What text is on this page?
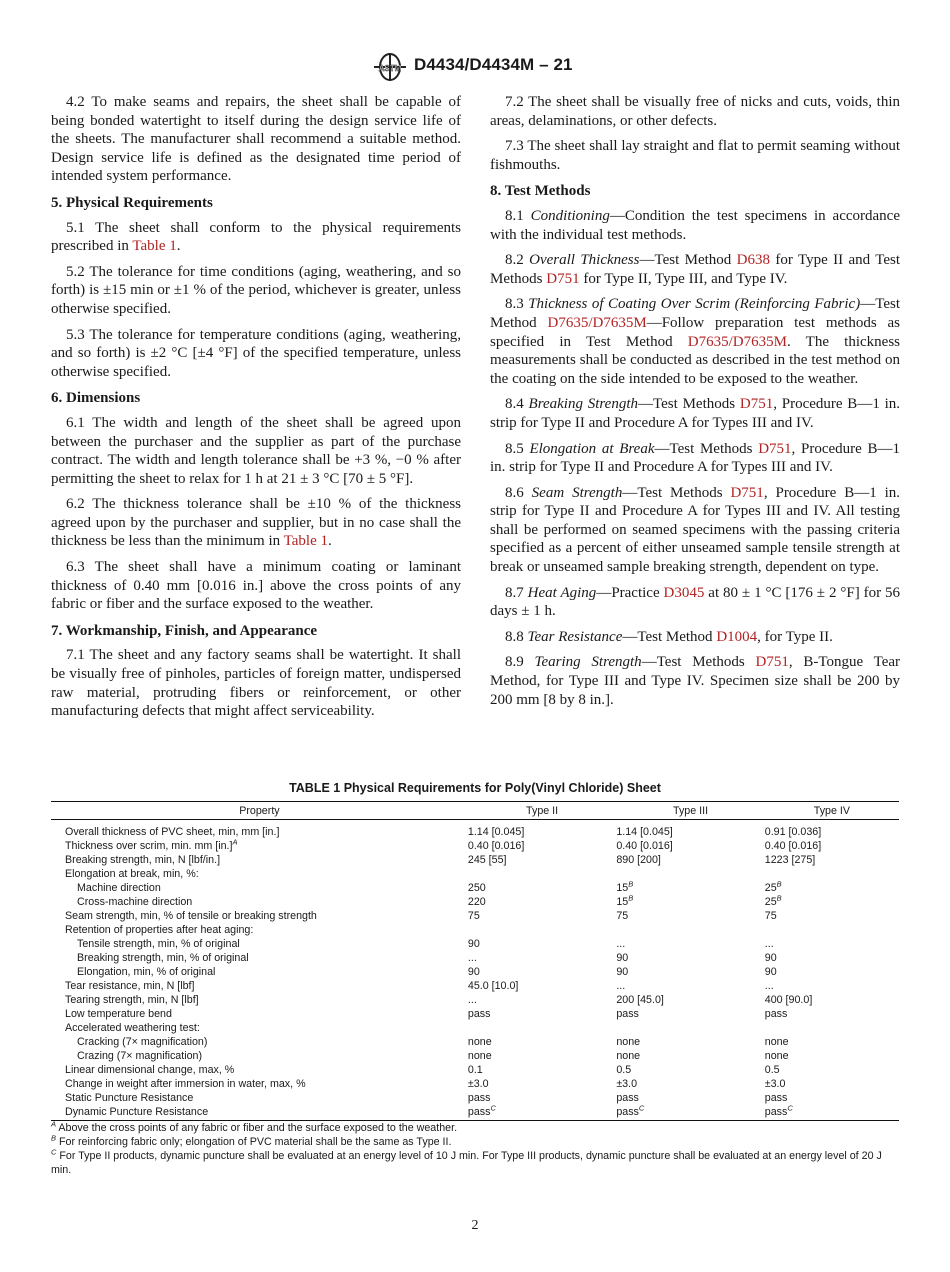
ASTM D4434/D4434M – 21

4.2 To make seams and repairs, the sheet shall be capable of being bonded watertight to itself during the design service life of the sheets. The manufacturer shall recommend a suitable method. Design service life is defined as the designated time period of intended system performance.

5. Physical Requirements

5.1 The sheet shall conform to the physical requirements prescribed in Table 1.

5.2 The tolerance for time conditions (aging, weathering, and so forth) is ±15 min or ±1 % of the period, whichever is greater, unless otherwise specified.

5.3 The tolerance for temperature conditions (aging, weathering, and so forth) is ±2 °C [±4 °F] of the specified temperature, unless otherwise specified.

6. Dimensions

6.1 The width and length of the sheet shall be agreed upon between the purchaser and the supplier as part of the purchase contract. The width and length tolerance shall be +3 %, −0 % after permitting the sheet to relax for 1 h at 21 ± 3 °C [70 ± 5 °F].

6.2 The thickness tolerance shall be ±10 % of the thickness agreed upon by the purchaser and supplier, but in no case shall the thickness be less than the minimum in Table 1.

6.3 The sheet shall have a minimum coating or laminant thickness of 0.40 mm [0.016 in.] above the cross points of any fabric or fiber and the surface exposed to the weather.

7. Workmanship, Finish, and Appearance

7.1 The sheet and any factory seams shall be watertight. It shall be visually free of pinholes, particles of foreign matter, undispersed raw material, protruding fibers or reinforcement, or other manufacturing defects that might affect serviceability.

7.2 The sheet shall be visually free of nicks and cuts, voids, thin areas, delaminations, or other defects.

7.3 The sheet shall lay straight and flat to permit seaming without fishmouths.

8. Test Methods

8.1 Conditioning—Condition the test specimens in accordance with the individual test methods.

8.2 Overall Thickness—Test Method D638 for Type II and Test Methods D751 for Type II, Type III, and Type IV.

8.3 Thickness of Coating Over Scrim (Reinforcing Fabric)—Test Method D7635/D7635M—Follow preparation test methods as specified in Test Method D7635/D7635M. The thickness measurements shall be conducted as described in the test method on the coating on the side intended to be exposed to the weather.

8.4 Breaking Strength—Test Methods D751, Procedure B—1 in. strip for Type II and Procedure A for Types III and IV.

8.5 Elongation at Break—Test Methods D751, Procedure B—1 in. strip for Type II and Procedure A for Types III and IV.

8.6 Seam Strength—Test Methods D751, Procedure B—1 in. strip for Type II and Procedure A for Types III and IV. All testing shall be performed on seamed specimens with the passing criteria specified as a percent of either unseamed sample tensile strength at break or unseamed sample breaking strength, dependent on type.

8.7 Heat Aging—Practice D3045 at 80 ± 1 °C [176 ± 2 °F] for 56 days ± 1 h.

8.8 Tear Resistance—Test Method D1004, for Type II.

8.9 Tearing Strength—Test Methods D751, B-Tongue Tear Method, for Type III and Type IV. Specimen size shall be 200 by 200 mm [8 by 8 in.].

TABLE 1 Physical Requirements for Poly(Vinyl Chloride) Sheet
Property	Type II	Type III	Type IV
Overall thickness of PVC sheet, min, mm [in.]	1.14 [0.045]	1.14 [0.045]	0.91 [0.036]
Thickness over scrim, min. mm $[in.]^A$	0.40 [0.016]	0.40 [0.016]	0.40 [0.016]
Breaking strength, min, N [lbf/in.]	245 [55]	890 [200]	1223 [275]
Elongation at break, min, %:			
Machine direction	250	$15^B$	$25^B$
Cross-machine direction	220	$15^B$	$25^B$
Seam strength, min, % of tensile or breaking strength	75	75	75
Retention of properties after heat aging:			
Tensile strength, min, % of original	90	...	...
Breaking strength, min, % of original	...	90	90
Elongation, min, % of original	90	90	90
Tear resistance, min, N [lbf]	45.0 [10.0]	...	...
Tearing strength, min, N [lbf]	...	200 [45.0]	400 [90.0]
Low temperature bend	pass	pass	pass
Accelerated weathering test:			
Cracking (7× magnification)	none	none	none
Crazing (7× magnification)	none	none	none
Linear dimensional change, max, %	0.1	0.5	0.5
Change in weight after immersion in water, max, %	±3.0	±3.0	±3.0
Static Puncture Resistance	pass	pass	pass
Dynamic Puncture Resistance	pass$^C$	pass$^C$	pass$^C$

$^A$ Above the cross points of any fabric or fiber and the surface exposed to the weather.

$^B$ For reinforcing fabric only; elongation of PVC material shall be the same as Type II.

$^C$ For Type II products, dynamic puncture shall be evaluated at an energy level of 10 J min. For Type III products, dynamic puncture shall be evaluated at an energy level of 20 J min.

2
